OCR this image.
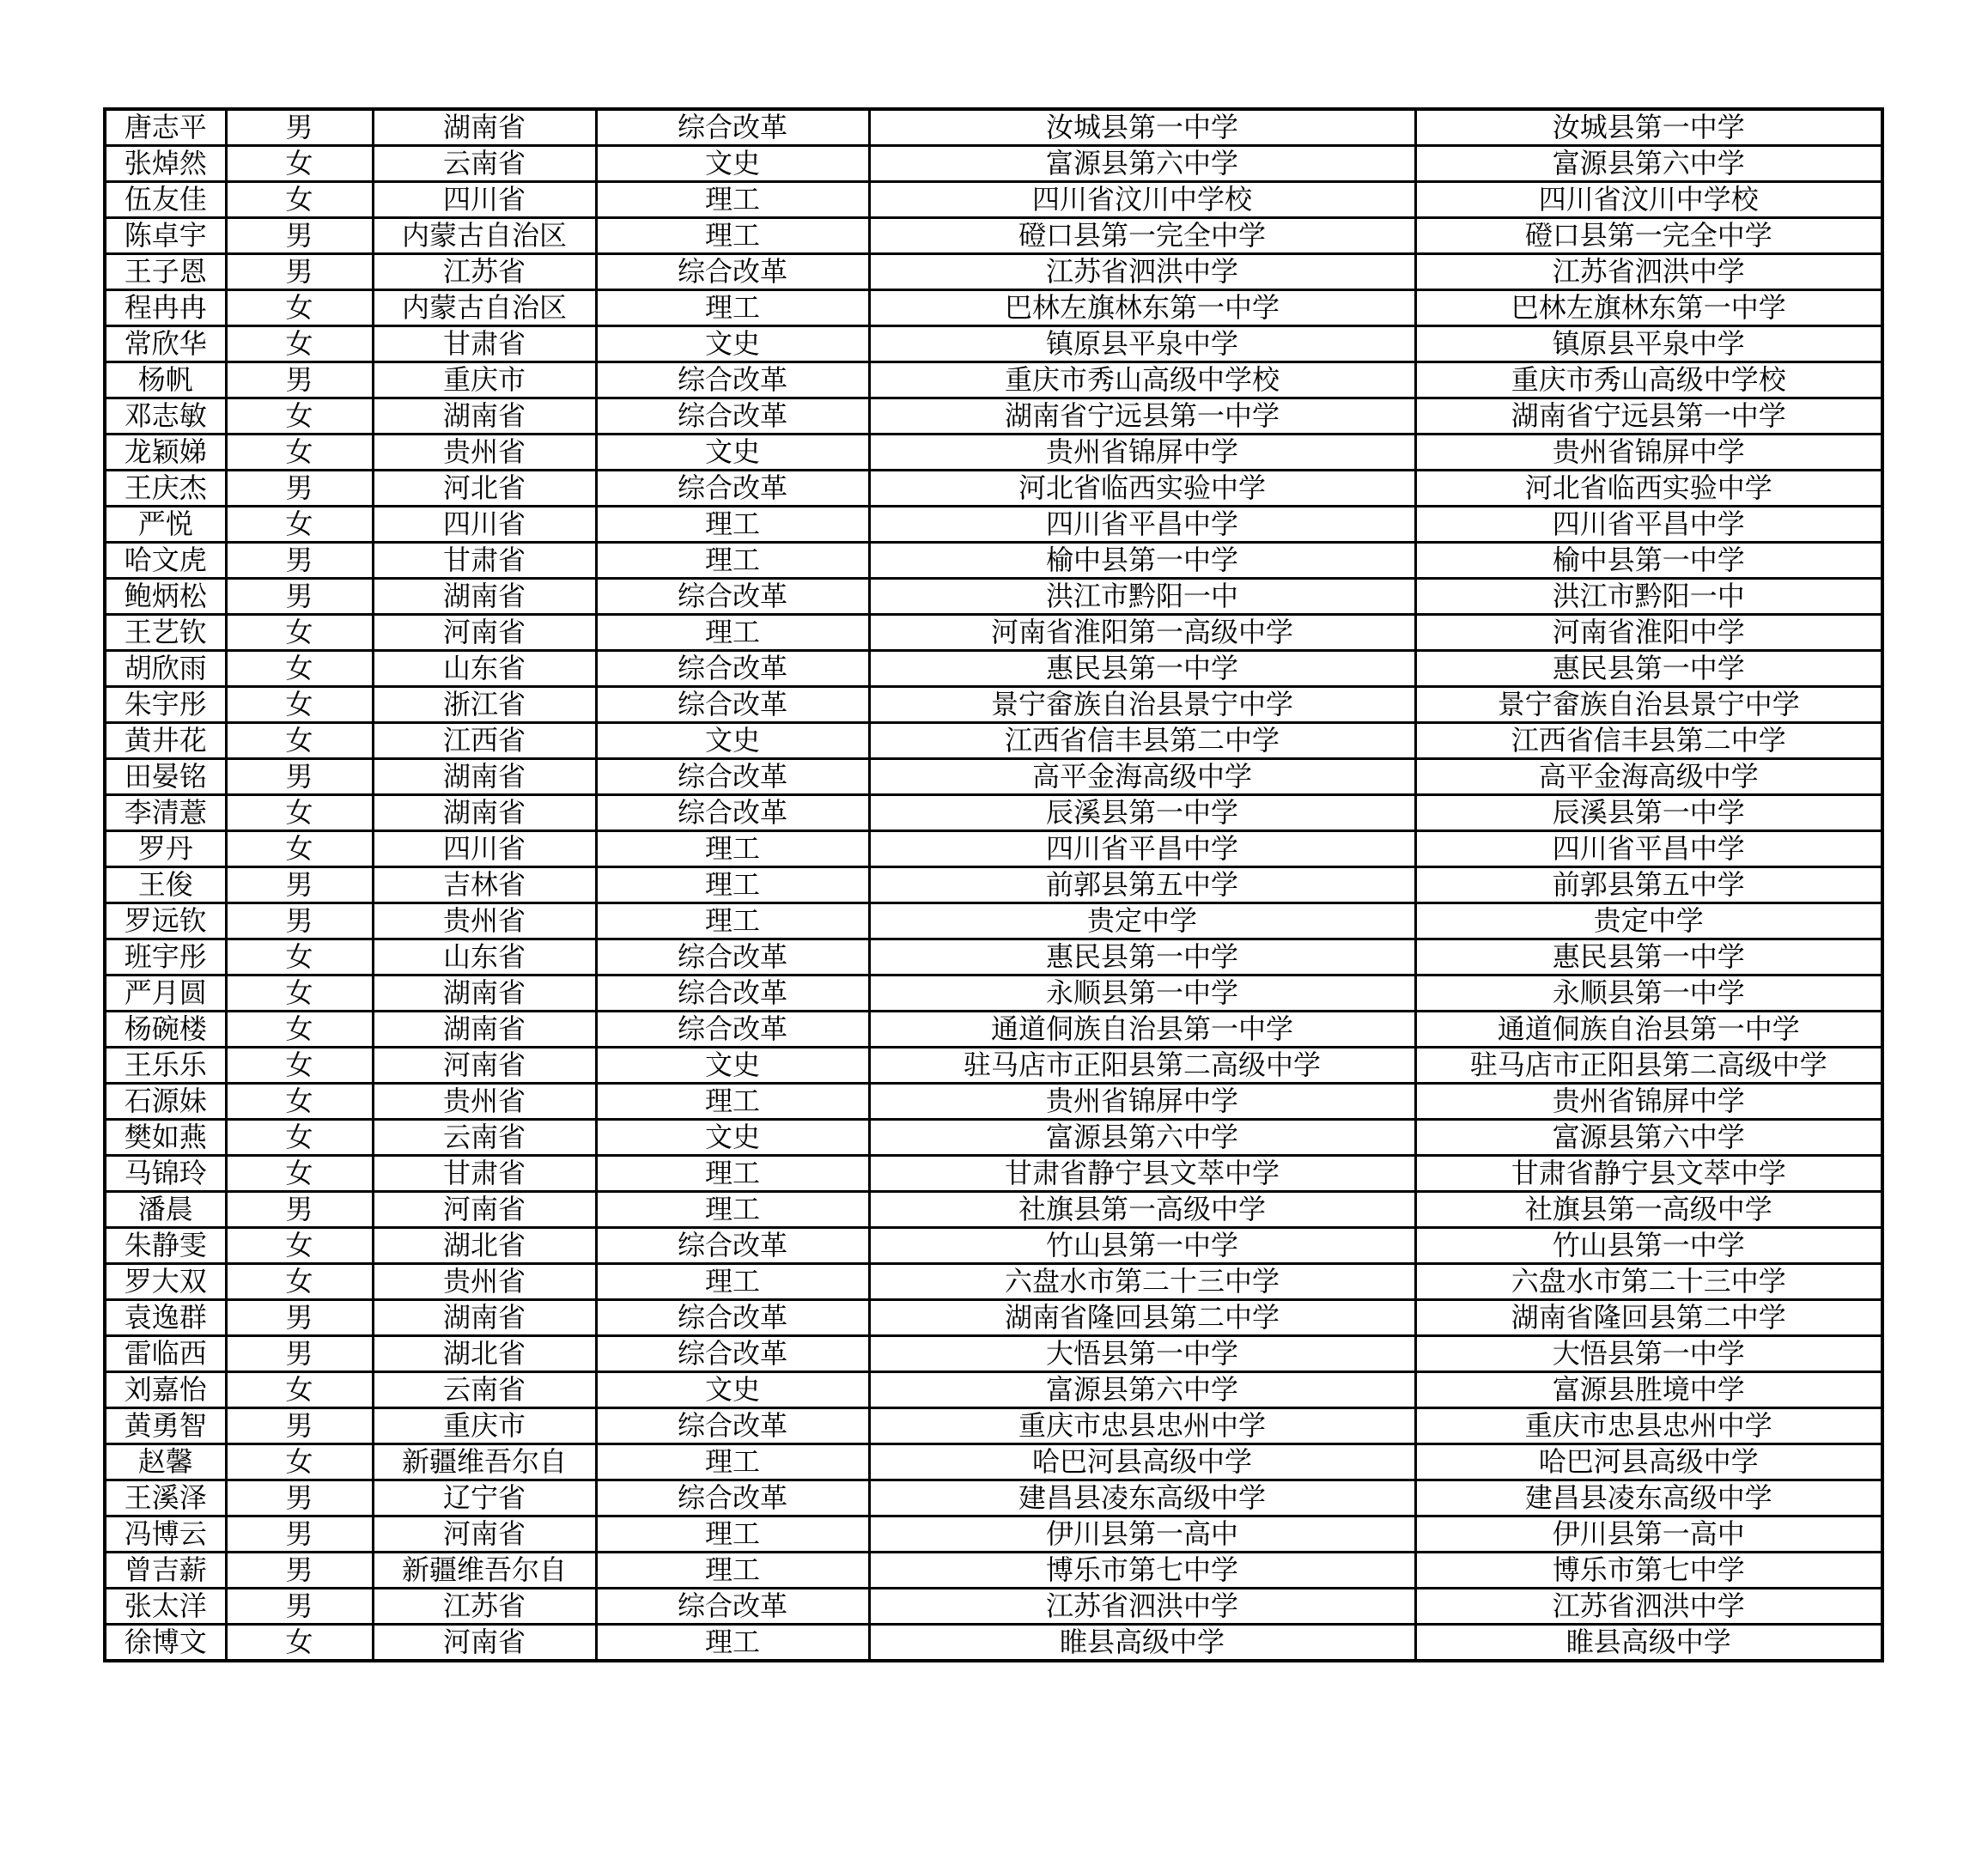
唐志平	男	湖南省	综合改革	汝城县第一中学	汝城县第一中学
张焯然	女	云南省	文史	富源县第六中学	富源县第六中学
伍友佳	女	四川省	理工	四川省汶川中学校	四川省汶川中学校
陈卓宇	男	内蒙古自治区	理工	磴口县第一完全中学	磴口县第一完全中学
王子恩	男	江苏省	综合改革	江苏省泗洪中学	江苏省泗洪中学
程冉冉	女	内蒙古自治区	理工	巴林左旗林东第一中学	巴林左旗林东第一中学
常欣华	女	甘肃省	文史	镇原县平泉中学	镇原县平泉中学
杨帆	男	重庆市	综合改革	重庆市秀山高级中学校	重庆市秀山高级中学校
邓志敏	女	湖南省	综合改革	湖南省宁远县第一中学	湖南省宁远县第一中学
龙颖娣	女	贵州省	文史	贵州省锦屏中学	贵州省锦屏中学
王庆杰	男	河北省	综合改革	河北省临西实验中学	河北省临西实验中学
严悦	女	四川省	理工	四川省平昌中学	四川省平昌中学
哈文虎	男	甘肃省	理工	榆中县第一中学	榆中县第一中学
鲍炳松	男	湖南省	综合改革	洪江市黔阳一中	洪江市黔阳一中
王艺钦	女	河南省	理工	河南省淮阳第一高级中学	河南省淮阳中学
胡欣雨	女	山东省	综合改革	惠民县第一中学	惠民县第一中学
朱宇彤	女	浙江省	综合改革	景宁畲族自治县景宁中学	景宁畲族自治县景宁中学
黄井花	女	江西省	文史	江西省信丰县第二中学	江西省信丰县第二中学
田晏铭	男	湖南省	综合改革	高平金海高级中学	高平金海高级中学
李清薏	女	湖南省	综合改革	辰溪县第一中学	辰溪县第一中学
罗丹	女	四川省	理工	四川省平昌中学	四川省平昌中学
王俊	男	吉林省	理工	前郭县第五中学	前郭县第五中学
罗远钦	男	贵州省	理工	贵定中学	贵定中学
班宇彤	女	山东省	综合改革	惠民县第一中学	惠民县第一中学
严月圆	女	湖南省	综合改革	永顺县第一中学	永顺县第一中学
杨碗楼	女	湖南省	综合改革	通道侗族自治县第一中学	通道侗族自治县第一中学
王乐乐	女	河南省	文史	驻马店市正阳县第二高级中学	驻马店市正阳县第二高级中学
石源妹	女	贵州省	理工	贵州省锦屏中学	贵州省锦屏中学
樊如燕	女	云南省	文史	富源县第六中学	富源县第六中学
马锦玲	女	甘肃省	理工	甘肃省静宁县文萃中学	甘肃省静宁县文萃中学
潘晨	男	河南省	理工	社旗县第一高级中学	社旗县第一高级中学
朱静雯	女	湖北省	综合改革	竹山县第一中学	竹山县第一中学
罗大双	女	贵州省	理工	六盘水市第二十三中学	六盘水市第二十三中学
袁逸群	男	湖南省	综合改革	湖南省隆回县第二中学	湖南省隆回县第二中学
雷临西	男	湖北省	综合改革	大悟县第一中学	大悟县第一中学
刘嘉怡	女	云南省	文史	富源县第六中学	富源县胜境中学
黄勇智	男	重庆市	综合改革	重庆市忠县忠州中学	重庆市忠县忠州中学
赵馨	女	新疆维吾尔自	理工	哈巴河县高级中学	哈巴河县高级中学
王溪泽	男	辽宁省	综合改革	建昌县凌东高级中学	建昌县凌东高级中学
冯博云	男	河南省	理工	伊川县第一高中	伊川县第一高中
曾吉薪	男	新疆维吾尔自	理工	博乐市第七中学	博乐市第七中学
张太洋	男	江苏省	综合改革	江苏省泗洪中学	江苏省泗洪中学
徐博文	女	河南省	理工	睢县高级中学	睢县高级中学
